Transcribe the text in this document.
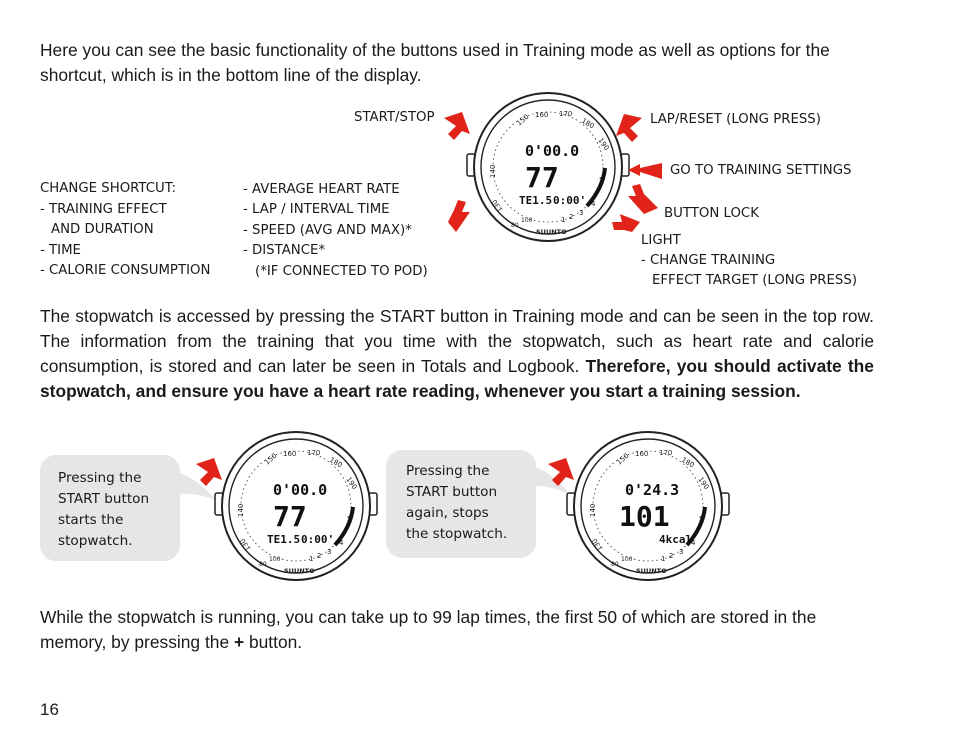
Here you can see the basic functionality of the buttons used in Training mode as well as options for the shortcut, which is in the bottom line of the display.

START/STOP	LAP/RESET (LONG PRESS)
GO TO TRAINING SETTINGS
BUTTON LOCK
LIGHT
- CHANGE TRAINING
EFFECT TARGET (LONG PRESS)
CHANGE SHORTCUT:
- TRAINING EFFECT
AND DURATION
- TIME
- CALORIE CONSUMPTION
- AVERAGE HEART RATE
- LAP / INTERVAL TIME
- SPEED (AVG AND MAX)*
- DISTANCE*
(*IF CONNECTED TO POD)
150 160 170
180
190
140
130
100
80
1 2 3
4
5
0'00.0
77
TE1.5 0:00'
SUUNTO

The stopwatch is accessed by pressing the START button in Training mode and can be seen in the top row. The information from the training that you time with the stopwatch, such as heart rate and calorie consumption, is stored and can later be seen in Totals and Logbook. Therefore, you should activate the stopwatch, and ensure you have a heart rate reading, whenever you start a training session.

Pressing the
START button
starts the
stopwatch.
150 160 170
180
190
140
130
100
80
1 2 3
4
5
0'00.0
77
TE1.5 0:00'
SUUNTO
Pressing the
START button
again, stops
the stopwatch.
150 160 170
180
190
140
130
100
80
1 2 3
4
5
0'24.3
101
4kcal
SUUNTO

While the stopwatch is running, you can take up to 99 lap times, the first 50 of which are stored in the memory, by pressing the + button.

16
